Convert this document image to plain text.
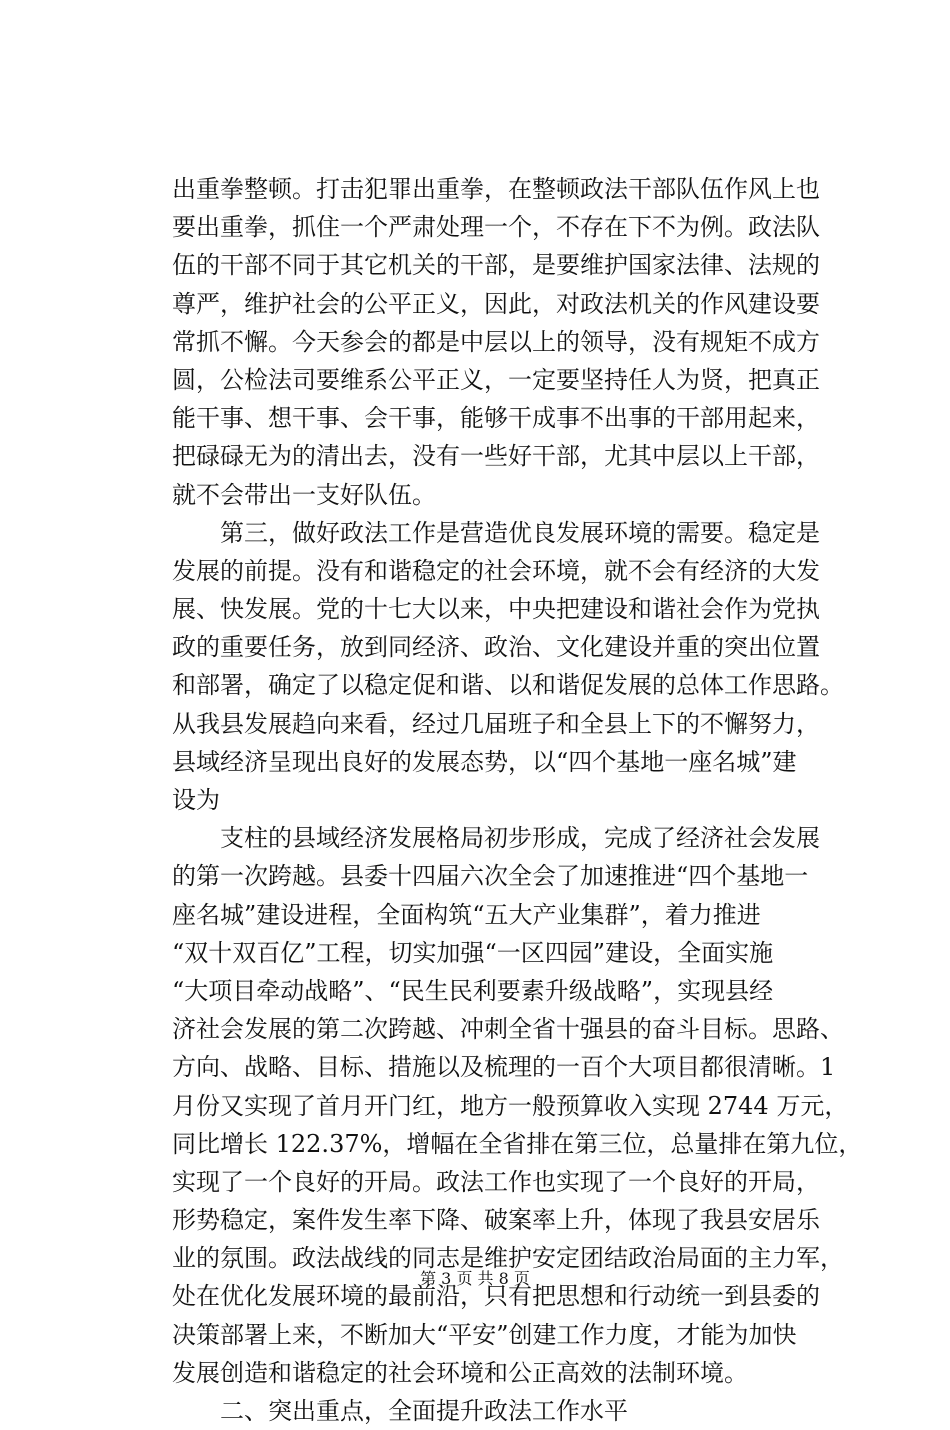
出重拳整顿。打击犯罪出重拳，在整顿政法干部队伍作风上也
要出重拳，抓住一个严肃处理一个，不存在下不为例。政法队
伍的干部不同于其它机关的干部，是要维护国家法律、法规的
尊严，维护社会的公平正义，因此，对政法机关的作风建设要
常抓不懈。今天参会的都是中层以上的领导，没有规矩不成方
圆，公检法司要维系公平正义，一定要坚持任人为贤，把真正
能干事、想干事、会干事，能够干成事不出事的干部用起来，
把碌碌无为的清出去，没有一些好干部，尤其中层以上干部，
就不会带出一支好队伍。
　　第三，做好政法工作是营造优良发展环境的需要。稳定是
发展的前提。没有和谐稳定的社会环境，就不会有经济的大发
展、快发展。党的十七大以来，中央把建设和谐社会作为党执
政的重要任务，放到同经济、政治、文化建设并重的突出位置
和部署，确定了以稳定促和谐、以和谐促发展的总体工作思路。
从我县发展趋向来看，经过几届班子和全县上下的不懈努力，
县域经济呈现出良好的发展态势，以“四个基地一座名城”建
设为
　　支柱的县域经济发展格局初步形成，完成了经济社会发展
的第一次跨越。县委十四届六次全会了加速推进“四个基地一
座名城”建设进程，全面构筑“五大产业集群”，着力推进
“双十双百亿”工程，切实加强“一区四园”建设，全面实施
“大项目牵动战略”、“民生民利要素升级战略”，实现县经
济社会发展的第二次跨越、冲刺全省十强县的奋斗目标。思路、
方向、战略、目标、措施以及梳理的一百个大项目都很清晰。1
月份又实现了首月开门红，地方一般预算收入实现 2744 万元，
同比增长 122.37%，增幅在全省排在第三位，总量排在第九位，
实现了一个良好的开局。政法工作也实现了一个良好的开局，
形势稳定，案件发生率下降、破案率上升，体现了我县安居乐
业的氛围。政法战线的同志是维护安定团结政治局面的主力军，
处在优化发展环境的最前沿，只有把思想和行动统一到县委的
决策部署上来，不断加大“平安”创建工作力度，才能为加快
发展创造和谐稳定的社会环境和公正高效的法制环境。
　　二、突出重点，全面提升政法工作水平
第 3 页 共 8 页
